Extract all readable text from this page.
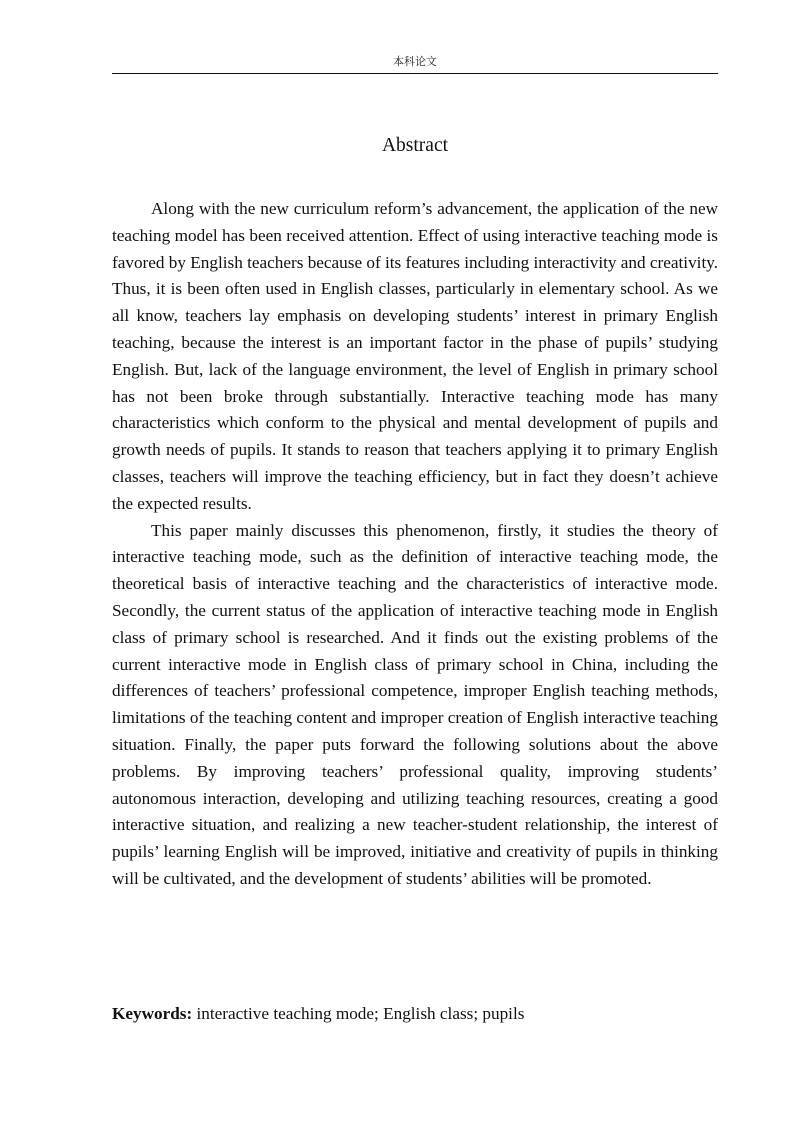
本科论文
Abstract

Along with the new curriculum reform’s advancement, the application of the new teaching model has been received attention. Effect of using interactive teaching mode is favored by English teachers because of its features including interactivity and creativity. Thus, it is been often used in English classes, particularly in elementary school. As we all know, teachers lay emphasis on developing students’ interest in primary English teaching, because the interest is an important factor in the phase of pupils’ studying English. But, lack of the language environment, the level of English in primary school has not been broke through substantially. Interactive teaching mode has many characteristics which conform to the physical and mental development of pupils and growth needs of pupils. It stands to reason that teachers applying it to primary English classes, teachers will improve the teaching efficiency, but in fact they doesn’t achieve the expected results.

This paper mainly discusses this phenomenon, firstly, it studies the theory of interactive teaching mode, such as the definition of interactive teaching mode, the theoretical basis of interactive teaching and the characteristics of interactive mode. Secondly, the current status of the application of interactive teaching mode in English class of primary school is researched. And it finds out the existing problems of the current interactive mode in English class of primary school in China, including the differences of teachers’ professional competence, improper English teaching methods, limitations of the teaching content and improper creation of English interactive teaching situation. Finally, the paper puts forward the following solutions about the above problems. By improving teachers’ professional quality, improving students’ autonomous interaction, developing and utilizing teaching resources, creating a good interactive situation, and realizing a new teacher-student relationship, the interest of pupils’ learning English will be improved, initiative and creativity of pupils in thinking will be cultivated, and the development of students’ abilities will be promoted.

Keywords: interactive teaching mode; English class; pupils
